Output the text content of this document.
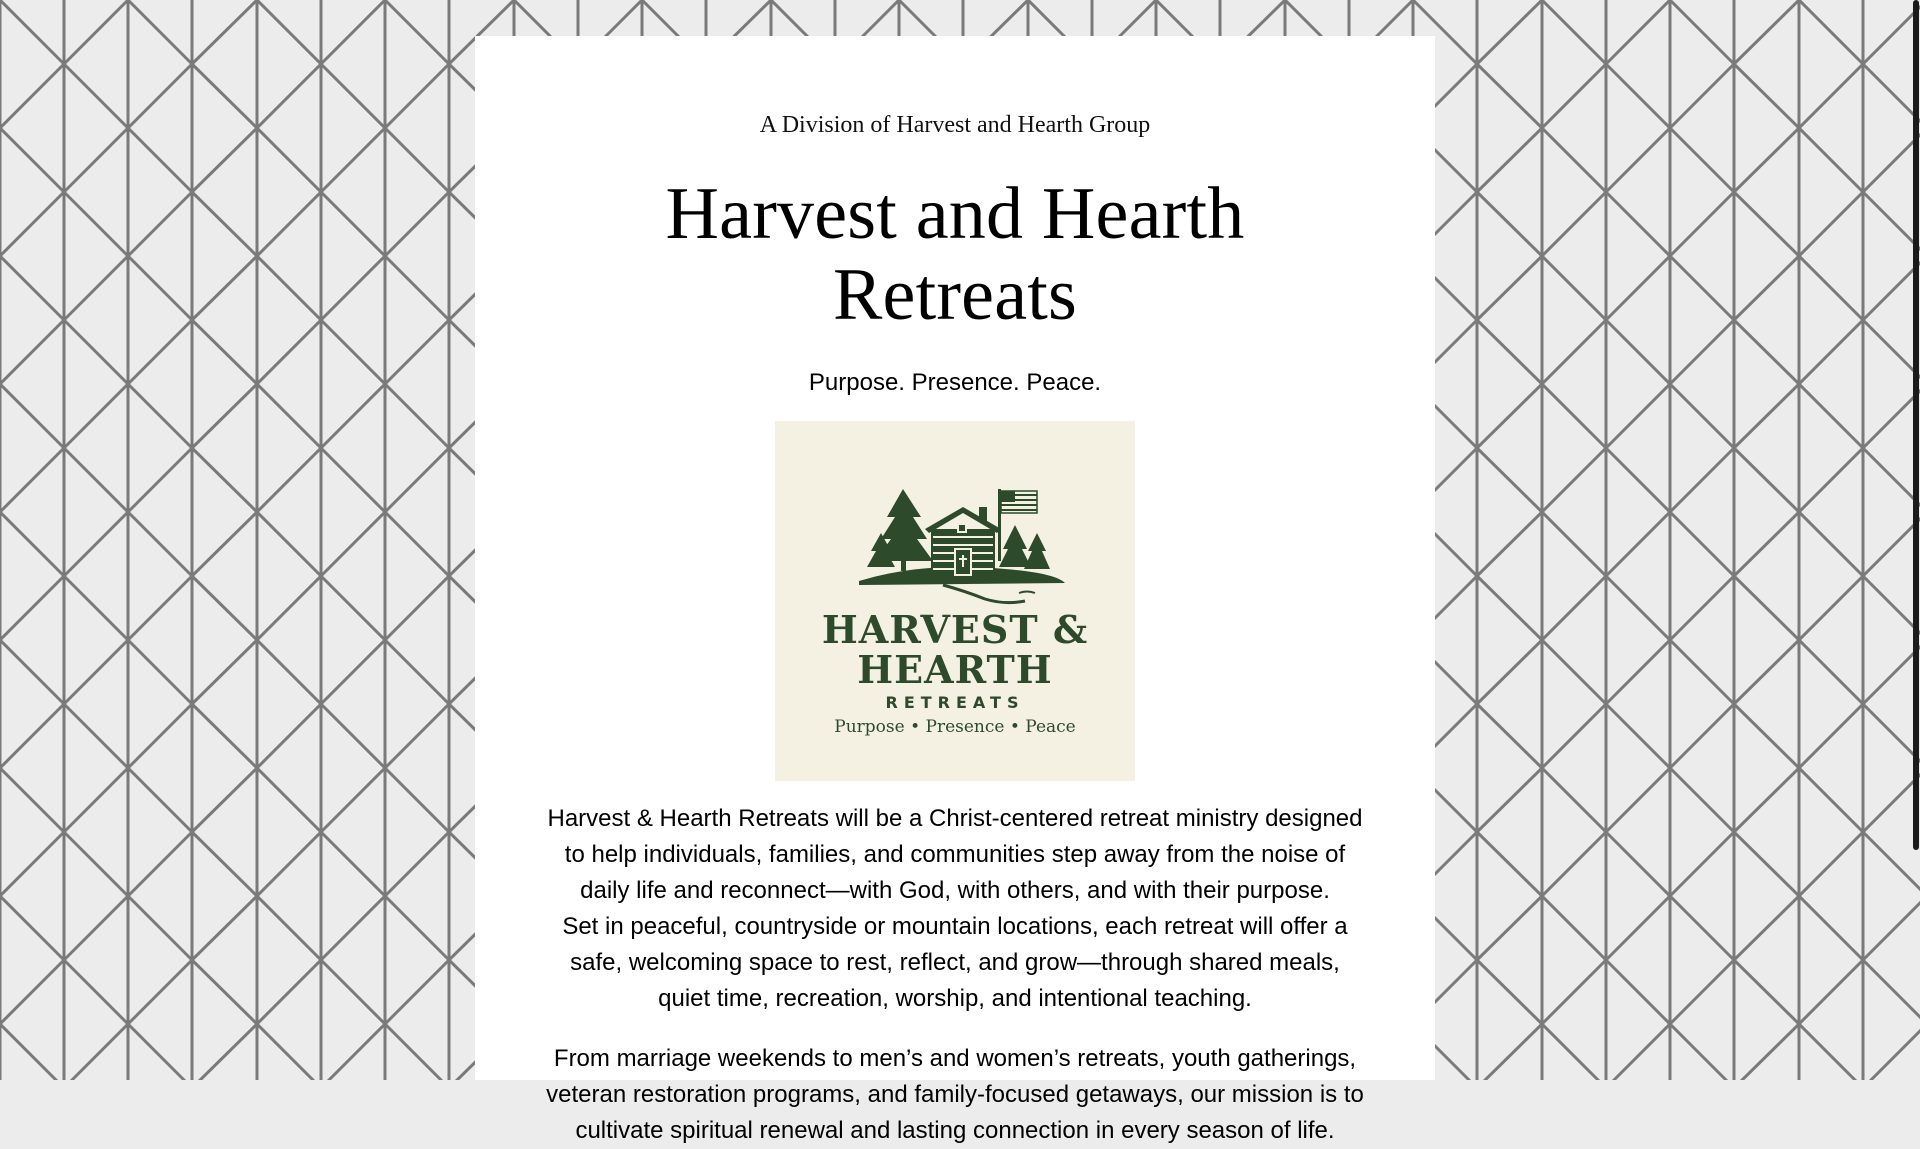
A Division of Harvest and Hearth Group
Harvest and Hearth Retreats
Purpose. Presence. Peace.
HARVEST &
HEARTH
RETREATS
Purpose • Presence • Peace

Harvest & Hearth Retreats will be a Christ-centered retreat ministry designed
to help individuals, families, and communities step away from the noise of
daily life and reconnect—with God, with others, and with their purpose.
Set in peaceful, countryside or mountain locations, each retreat will offer a
safe, welcoming space to rest, reflect, and grow—through shared meals,
quiet time, recreation, worship, and intentional teaching.

From marriage weekends to men’s and women’s retreats, youth gatherings,
veteran restoration programs, and family-focused getaways, our mission is to
cultivate spiritual renewal and lasting connection in every season of life.
